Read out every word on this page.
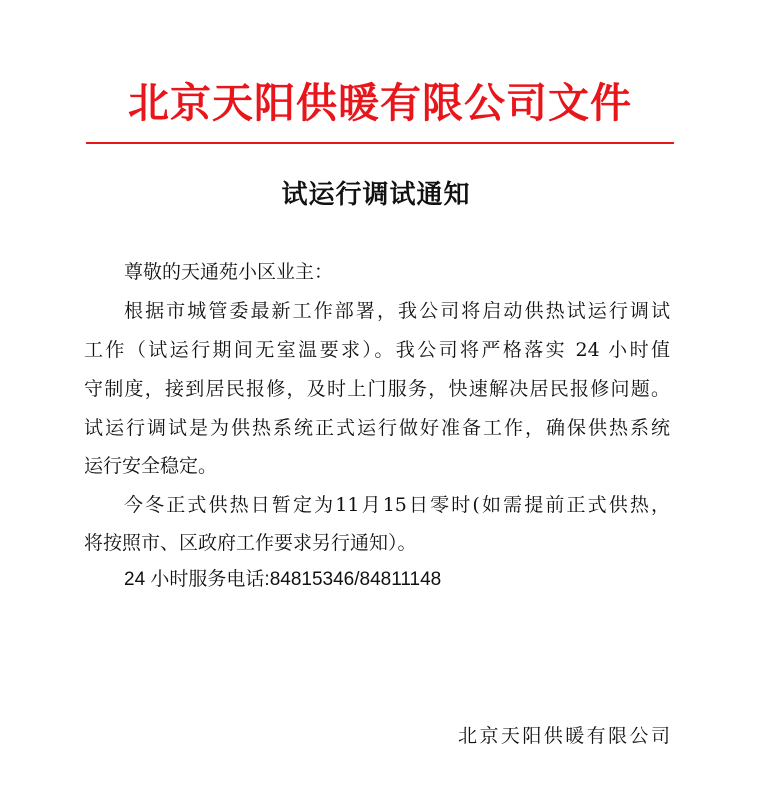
北京天阳供暖有限公司文件
试运行调试通知
尊敬的天通苑小区业主：
根据市城管委最新工作部署，我公司将启动供热试运行调试
工作（试运行期间无室温要求）。我公司将严格落实 24 小时值
守制度，接到居民报修，及时上门服务，快速解决居民报修问题。
试运行调试是为供热系统正式运行做好准备工作，确保供热系统
运行安全稳定。
今冬正式供热日暂定为11月15日零时(如需提前正式供热，
将按照市、区政府工作要求另行通知）。
24 小时服务电话:84815346/84811148
北京天阳供暖有限公司
